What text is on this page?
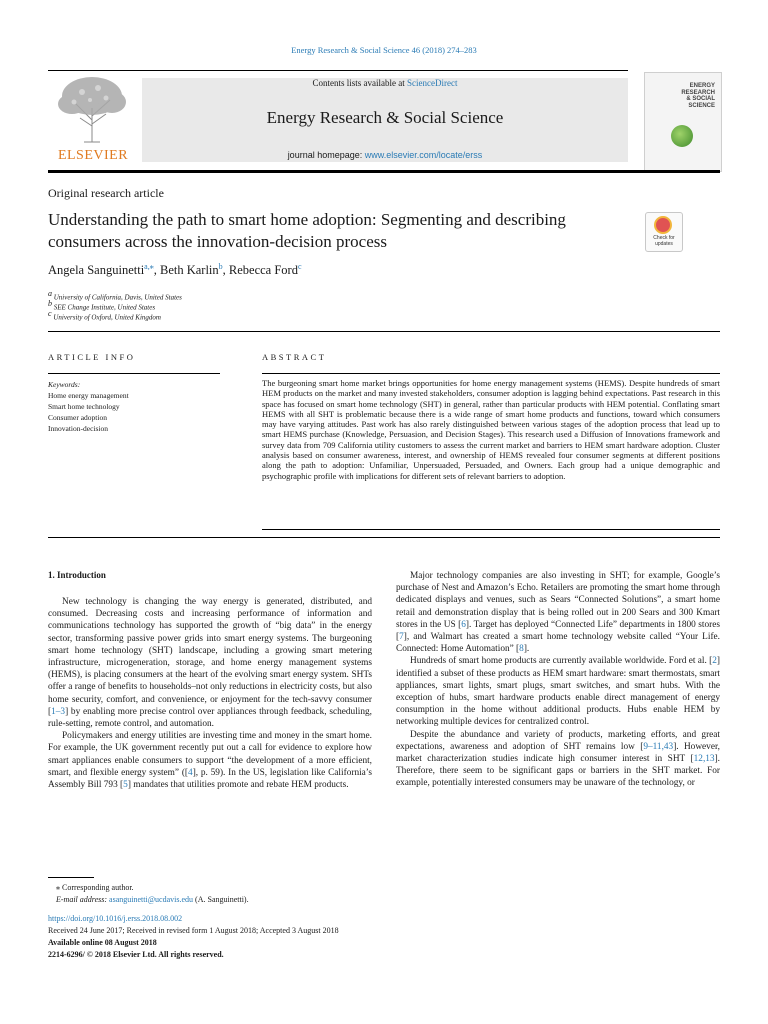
Energy Research & Social Science 46 (2018) 274–283
ELSEVIER
Contents lists available at ScienceDirect
Energy Research & Social Science
journal homepage: www.elsevier.com/locate/erss
ENERGY
RESEARCH
& SOCIAL
SCIENCE
Original research article
Understanding the path to smart home adoption: Segmenting and describing consumers across the innovation-decision process	Check for updates
Angela Sanguinetti$^{a,⁎}$, Beth Karlin$^b$, Rebecca Ford$^c$
$^a$ University of California, Davis, United States
$^b$ SEE Change Institute, United States
$^c$ University of Oxford, United Kingdom
ARTICLE INFO	ABSTRACT
Keywords:
Home energy management
Smart home technology
Consumer adoption
Innovation-decision
The burgeoning smart home market brings opportunities for home energy management systems (HEMS). Despite hundreds of smart HEM products on the market and many invested stakeholders, consumer adoption is lagging behind expectations. Past research in this space has focused on smart home technology (SHT) in general, rather than particular products with HEM potential. Conflating smart HEMS with all SHT is problematic because there is a wide range of smart home products and functions, toward which consumers may have varying attitudes. Past work has also rarely distinguished between various stages of the adoption process that lead up to smart HEMS purchase (Knowledge, Persuasion, and Decision Stages). This research used a Diffusion of Innovations framework and survey data from 709 California utility customers to assess the current market and barriers to HEM smart hardware adoption. Cluster analysis based on consumer awareness, interest, and ownership of HEMS revealed four consumer segments at different positions along the path to adoption: Unfamiliar, Unpersuaded, Persuaded, and Owners. Each group had a unique demographic and psychographic profile with implications for different sets of relevant barriers to adoption.
1. Introduction

New technology is changing the way energy is generated, distributed, and consumed. Decreasing costs and increasing performance of information and communications technology has supported the growth of “big data” in the energy sector, transforming passive power grids into smart energy systems. The burgeoning smart home technology (SHT) landscape, including a growing smart metering infrastructure, microgeneration, storage, and home energy management systems (HEMS), is placing consumers at the heart of the evolving smart energy system. SHTs offer a range of benefits to households–not only reductions in electricity costs, but also home security, comfort, and convenience, or enjoyment for the tech-savvy consumer [1–3] by enabling more precise control over appliances through feedback, scheduling, rule-setting, remote control, and automation.

Policymakers and energy utilities are investing time and money in the smart home. For example, the UK government recently put out a call for evidence to explore how smart appliances enable consumers to support “the development of a more efficient, smart, and flexible energy system” ([4], p. 59). In the US, legislation like California’s Assembly Bill 793 [5] mandates that utilities promote and rebate HEM products.

Major technology companies are also investing in SHT; for example, Google’s purchase of Nest and Amazon’s Echo. Retailers are promoting the smart home through dedicated displays and venues, such as Sears “Connected Solutions”, a smart home retail and demonstration display that is being rolled out in 200 Sears and 300 Kmart stores in the US [6]. Target has deployed “Connected Life” departments in 1800 stores [7], and Walmart has created a smart home technology website called “Your Life. Connected: Home Automation” [8].

Hundreds of smart home products are currently available worldwide. Ford et al. [2] identified a subset of these products as HEM smart hardware: smart thermostats, smart appliances, smart lights, smart plugs, smart switches, and smart hubs. With the exception of hubs, smart hardware products enable direct management of energy consumption in the home without additional products. Hubs enable HEM by networking multiple devices for centralized control.

Despite the abundance and variety of products, marketing efforts, and great expectations, awareness and adoption of SHT remains low [9–11,43]. However, market characterization studies indicate high consumer interest in SHT [12,13]. Therefore, there seem to be significant gaps or barriers in the SHT market. For example, potentially interested consumers may be unaware of the technology, or

⁎ Corresponding author.
E-mail address: asanguinetti@ucdavis.edu (A. Sanguinetti).
https://doi.org/10.1016/j.erss.2018.08.002
Received 24 June 2017; Received in revised form 1 August 2018; Accepted 3 August 2018
Available online 08 August 2018
2214-6296/ © 2018 Elsevier Ltd. All rights reserved.
